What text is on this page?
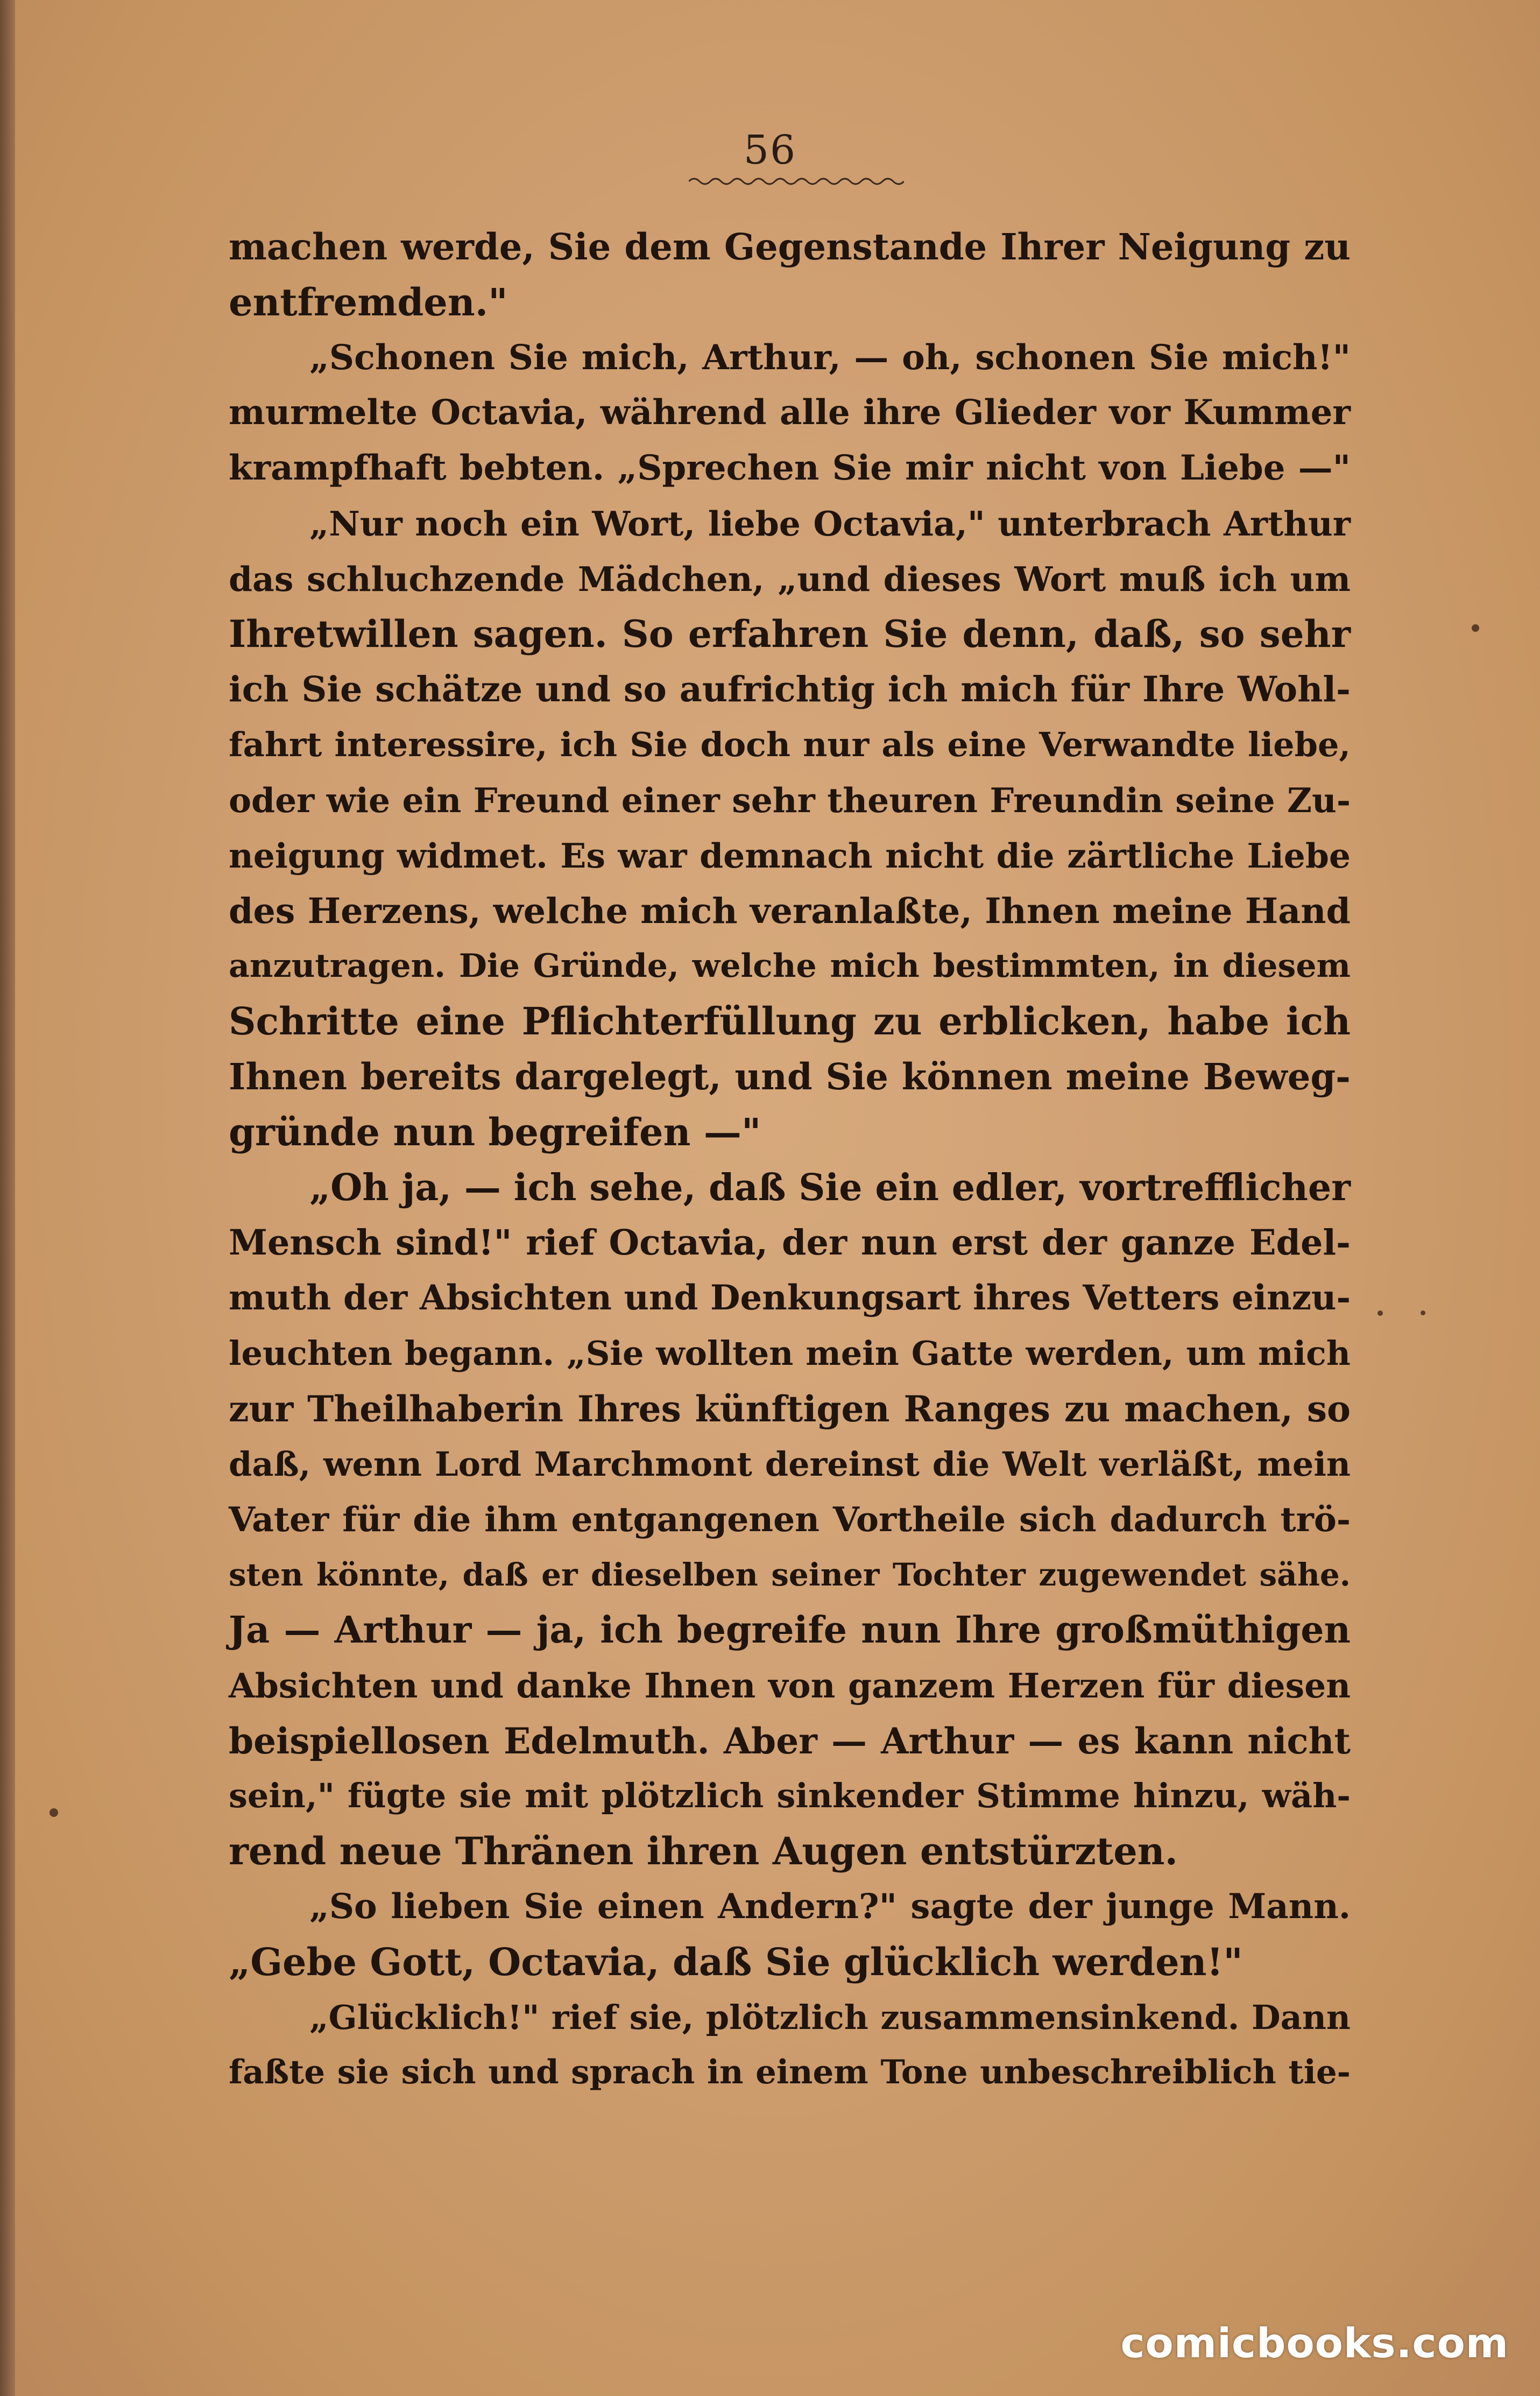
56
machen werde, Sie dem Gegenstande Ihrer Neigung zu
entfremden."
„Schonen Sie mich, Arthur, — oh, schonen Sie mich!"
murmelte Octavia, während alle ihre Glieder vor Kummer
krampfhaft bebten. „Sprechen Sie mir nicht von Liebe —"
„Nur noch ein Wort, liebe Octavia," unterbrach Arthur
das schluchzende Mädchen, „und dieses Wort muß ich um
Ihretwillen sagen. So erfahren Sie denn, daß, so sehr
ich Sie schätze und so aufrichtig ich mich für Ihre Wohl-
fahrt interessire, ich Sie doch nur als eine Verwandte liebe,
oder wie ein Freund einer sehr theuren Freundin seine Zu-
neigung widmet. Es war demnach nicht die zärtliche Liebe
des Herzens, welche mich veranlaßte, Ihnen meine Hand
anzutragen. Die Gründe, welche mich bestimmten, in diesem
Schritte eine Pflichterfüllung zu erblicken, habe ich
Ihnen bereits dargelegt, und Sie können meine Beweg-
gründe nun begreifen —"
„Oh ja, — ich sehe, daß Sie ein edler, vortrefflicher
Mensch sind!" rief Octavia, der nun erst der ganze Edel-
muth der Absichten und Denkungsart ihres Vetters einzu-
leuchten begann. „Sie wollten mein Gatte werden, um mich
zur Theilhaberin Ihres künftigen Ranges zu machen, so
daß, wenn Lord Marchmont dereinst die Welt verläßt, mein
Vater für die ihm entgangenen Vortheile sich dadurch trö-
sten könnte, daß er dieselben seiner Tochter zugewendet sähe.
Ja — Arthur — ja, ich begreife nun Ihre großmüthigen
Absichten und danke Ihnen von ganzem Herzen für diesen
beispiellosen Edelmuth. Aber — Arthur — es kann nicht
sein," fügte sie mit plötzlich sinkender Stimme hinzu, wäh-
rend neue Thränen ihren Augen entstürzten.
„So lieben Sie einen Andern?" sagte der junge Mann.
„Gebe Gott, Octavia, daß Sie glücklich werden!"
„Glücklich!" rief sie, plötzlich zusammensinkend. Dann
faßte sie sich und sprach in einem Tone unbeschreiblich tie-
comicbooks.com
